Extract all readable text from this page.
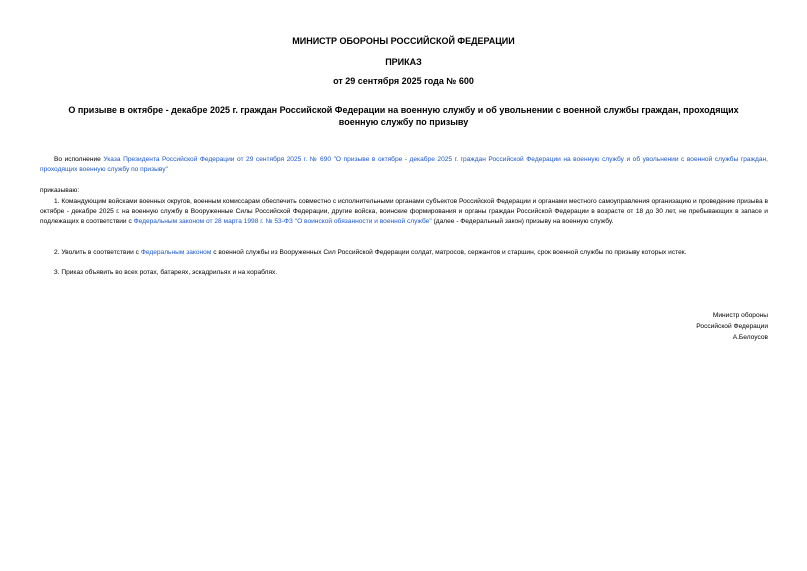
МИНИСТР ОБОРОНЫ РОССИЙСКОЙ ФЕДЕРАЦИИ
ПРИКАЗ
от 29 сентября 2025 года № 600
О призыве в октябре - декабре 2025 г. граждан Российской Федерации на военную службу и об увольнении с военной службы граждан, проходящих военную службу по призыву
Во исполнение Указа Президента Российской Федерации от 29 сентября 2025 г. № 690 "О призыве в октябре - декабре 2025 г. граждан Российской Федерации на военную службу и об увольнении с военной службы граждан, проходящих военную службу по призыву"
приказываю:
1. Командующим войсками военных округов, военным комиссарам обеспечить совместно с исполнительными органами субъектов Российской Федерации и органами местного самоуправления организацию и проведение призыва в октябре - декабре 2025 г. на военную службу в Вооруженные Силы Российской Федерации, другие войска, воинские формирования и органы граждан Российской Федерации в возрасте от 18 до 30 лет, не пребывающих в запасе и подлежащих в соответствии с Федеральным законом от 28 марта 1998 г. № 53-ФЗ "О воинской обязанности и военной службе" (далее - Федеральный закон) призыву на военную службу.
2. Уволить в соответствии с Федеральным законом с военной службы из Вооруженных Сил Российской Федерации солдат, матросов, сержантов и старшин, срок военной службы по призыву которых истек.
3. Приказ объявить во всех ротах, батареях, эскадрильях и на кораблях.
Министр обороны
Российской Федерации
А.Белоусов
